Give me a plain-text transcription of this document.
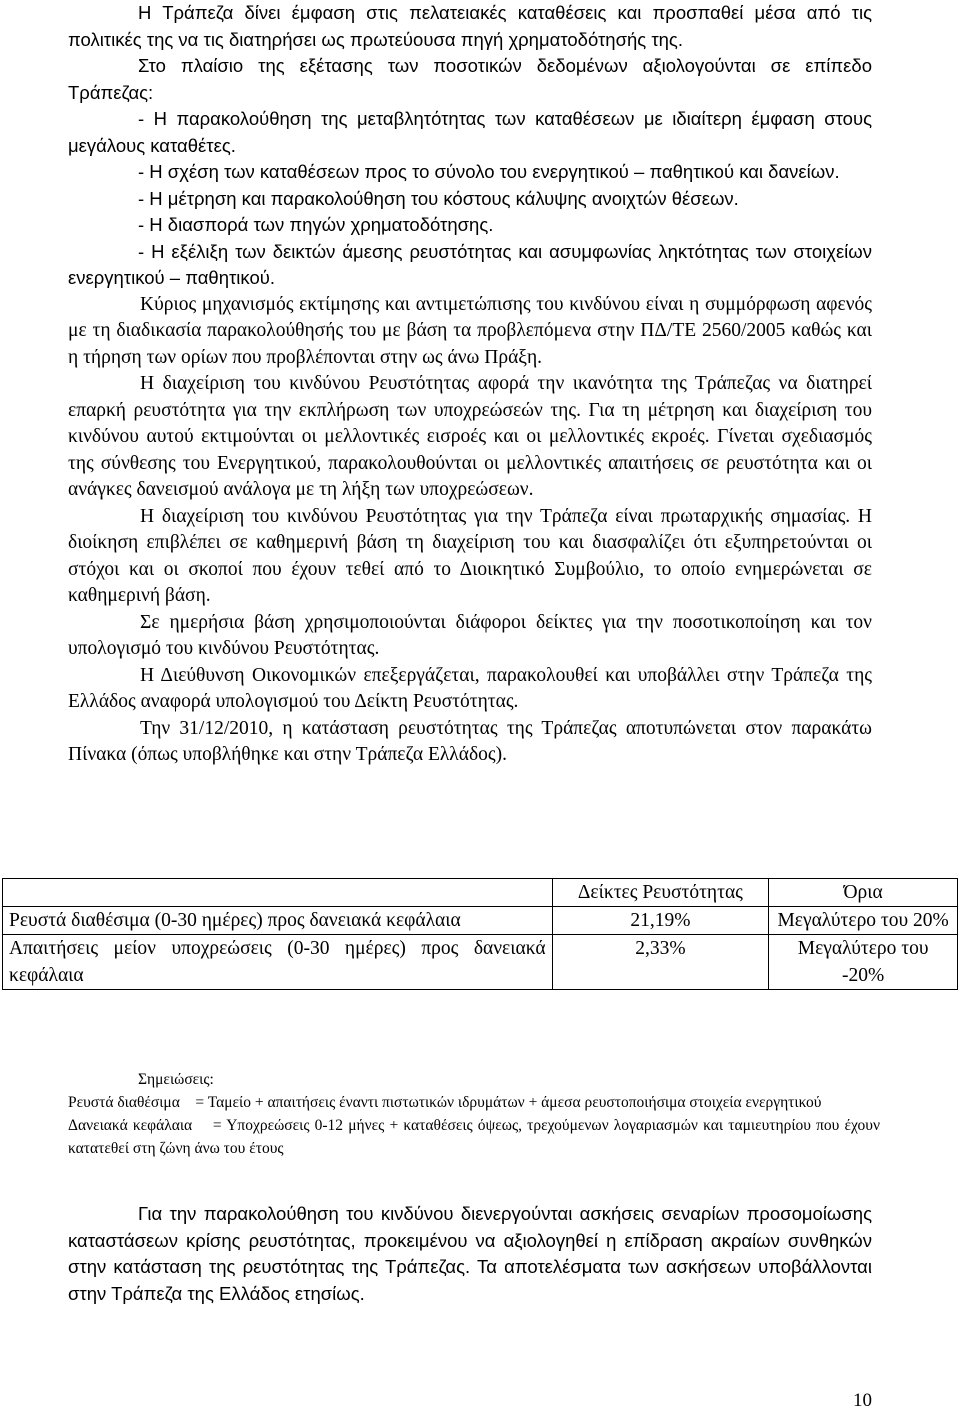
Η Τράπεζα δίνει έμφαση στις πελατειακές καταθέσεις και προσπαθεί μέσα από τις πολιτικές της να τις διατηρήσει ως πρωτεύουσα πηγή χρηματοδότησής της.

Στο πλαίσιο της εξέτασης των ποσοτικών δεδομένων αξιολογούνται σε επίπεδο Τράπεζας:

- Η παρακολούθηση της μεταβλητότητας των καταθέσεων με ιδιαίτερη έμφαση στους μεγάλους καταθέτες.

- Η σχέση των καταθέσεων προς το σύνολο του ενεργητικού – παθητικού και δανείων.

- Η μέτρηση και παρακολούθηση του κόστους κάλυψης ανοιχτών θέσεων.

- Η διασπορά των πηγών χρηματοδότησης.

- Η εξέλιξη των δεικτών άμεσης ρευστότητας και ασυμφωνίας ληκτότητας των στοιχείων ενεργητικού – παθητικού.

Κύριος μηχανισμός εκτίμησης και αντιμετώπισης του κινδύνου είναι η συμμόρφωση αφενός με τη διαδικασία παρακολούθησής του με βάση τα προβλεπόμενα στην ΠΔ/ΤΕ 2560/2005 καθώς και η τήρηση των ορίων που προβλέπονται στην ως άνω Πράξη.

Η διαχείριση του κινδύνου Ρευστότητας αφορά την ικανότητα της Τράπεζας να διατηρεί επαρκή ρευστότητα για την εκπλήρωση των υποχρεώσεών της. Για τη μέτρηση και διαχείριση του κινδύνου αυτού εκτιμούνται οι μελλοντικές εισροές και οι μελλοντικές εκροές. Γίνεται σχεδιασμός της σύνθεσης του Ενεργητικού, παρακολουθούνται οι μελλοντικές απαιτήσεις σε ρευστότητα και οι ανάγκες δανεισμού ανάλογα με τη λήξη των υποχρεώσεων.

Η διαχείριση του κινδύνου Ρευστότητας για την Τράπεζα είναι πρωταρχικής σημασίας. Η διοίκηση επιβλέπει σε καθημερινή βάση τη διαχείριση του και διασφαλίζει ότι εξυπηρετούνται οι στόχοι και οι σκοποί που έχουν τεθεί από το Διοικητικό Συμβούλιο, το οποίο ενημερώνεται σε καθημερινή βάση.

Σε ημερήσια βάση χρησιμοποιούνται διάφοροι δείκτες για την ποσοτικοποίηση και τον υπολογισμό του κινδύνου Ρευστότητας.

Η Διεύθυνση Οικονομικών επεξεργάζεται, παρακολουθεί και υποβάλλει στην Τράπεζα της Ελλάδος αναφορά υπολογισμού του Δείκτη Ρευστότητας.

Την 31/12/2010, η κατάσταση ρευστότητας της Τράπεζας αποτυπώνεται στον παρακάτω Πίνακα (όπως υποβλήθηκε και στην Τράπεζα Ελλάδος).

	Δείκτες Ρευστότητας	Όρια
Ρευστά διαθέσιμα (0-30 ημέρες) προς δανειακά κεφάλαια	21,19%	Μεγαλύτερο του 20%
Απαιτήσεις μείον υποχρεώσεις (0-30 ημέρες) προς δανειακά κεφάλαια	2,33%	Μεγαλύτερο του -20%
Σημειώσεις:
Ρευστά διαθέσιμα    = Ταμείο + απαιτήσεις έναντι πιστωτικών ιδρυμάτων + άμεσα ρευστοποιήσιμα στοιχεία ενεργητικού
Δανειακά κεφάλαια    = Υποχρεώσεις 0-12 μήνες + καταθέσεις όψεως, τρεχούμενων λογαριασμών και ταμιευτηρίου που έχουν κατατεθεί στη ζώνη άνω του έτους

Για την παρακολούθηση του κινδύνου διενεργούνται ασκήσεις σεναρίων προσομοίωσης καταστάσεων κρίσης ρευστότητας, προκειμένου να αξιολογηθεί η επίδραση ακραίων συνθηκών στην κατάσταση της ρευστότητας της Τράπεζας. Τα αποτελέσματα των ασκήσεων υποβάλλονται στην Τράπεζα της Ελλάδος ετησίως.

10
